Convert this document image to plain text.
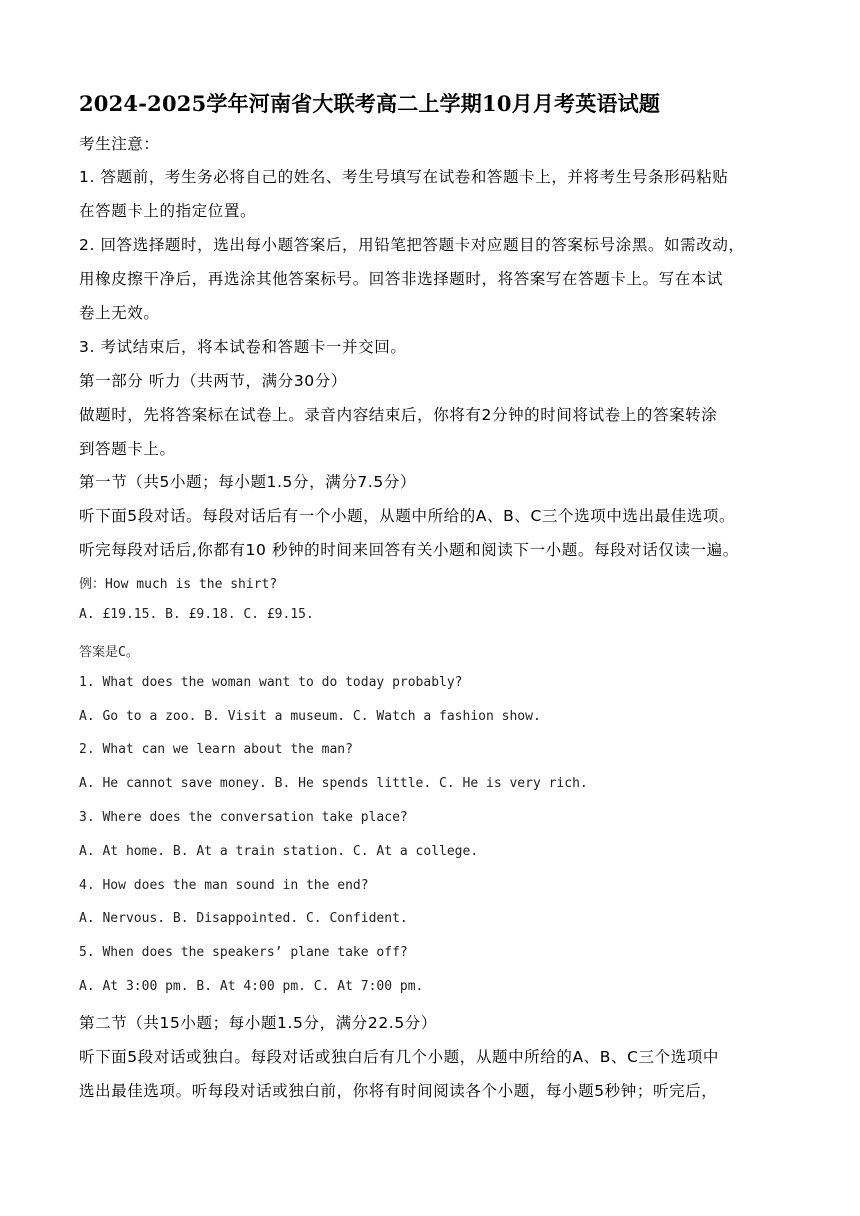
2024-2025学年河南省大联考高二上学期10月月考英语试题
考生注意：
1. 答题前，考生务必将自己的姓名、考生号填写在试卷和答题卡上，并将考生号条形码粘贴
在答题卡上的指定位置。
2. 回答选择题时，选出每小题答案后，用铅笔把答题卡对应题目的答案标号涂黑。如需改动，
用橡皮擦干净后，再选涂其他答案标号。回答非选择题时，将答案写在答题卡上。写在本试
卷上无效。
3. 考试结束后，将本试卷和答题卡一并交回。
第一部分 听力（共两节，满分30分）
做题时，先将答案标在试卷上。录音内容结束后，你将有2分钟的时间将试卷上的答案转涂
到答题卡上。
第一节（共5小题；每小题1.5分，满分7.5分）
听下面5段对话。每段对话后有一个小题，从题中所给的A、B、C三个选项中选出最佳选项。
听完每段对话后,你都有10 秒钟的时间来回答有关小题和阅读下一小题。每段对话仅读一遍。
例：How much is the shirt?
A. £19.15. B. £9.18. C. £9.15.
答案是C。
1. What does the woman want to do today probably?
A. Go to a zoo. B. Visit a museum. C. Watch a fashion show.
2. What can we learn about the man?
A. He cannot save money. B. He spends little. C. He is very rich.
3. Where does the conversation take place?
A. At home. B. At a train station. C. At a college.
4. How does the man sound in the end?
A. Nervous. B. Disappointed. C. Confident.
5. When does the speakers’ plane take off?
A. At 3:00 pm. B. At 4:00 pm. C. At 7:00 pm.
第二节（共15小题；每小题1.5分，满分22.5分）
听下面5段对话或独白。每段对话或独白后有几个小题，从题中所给的A、B、C三个选项中
选出最佳选项。听每段对话或独白前，你将有时间阅读各个小题，每小题5秒钟；听完后，
